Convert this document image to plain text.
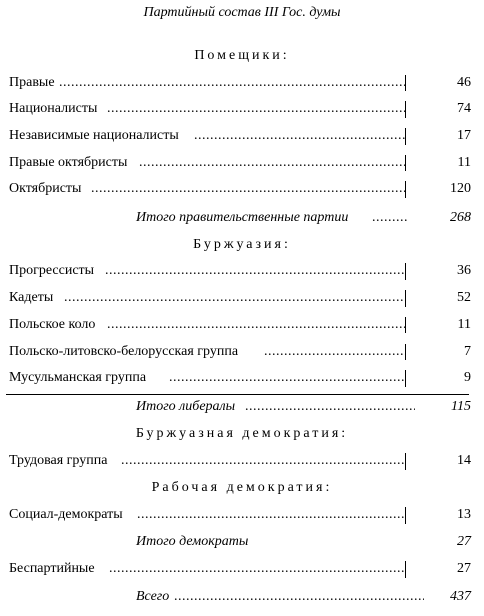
Партийный состав III Гос. думы
Помещики:
Правые .....	46
Националисты .....	74
Независимые националисты .....	17
Правые октябристы .....	11
Октябристы .....	120
Итого правительственные партии .....	268
Буржуазия:
Прогрессисты .....	36
Кадеты .....	52
Польское коло .....	11
Польско-литовско-белорусская группа .....	7
Мусульманская группа .....	9
Итого либералы .....	115
Буржуазная демократия:
Трудовая группа .....	14
Рабочая демократия:
Социал-демократы .....	13
Итого демократы	27
Беспартийные .....	27
Всего .....	437
